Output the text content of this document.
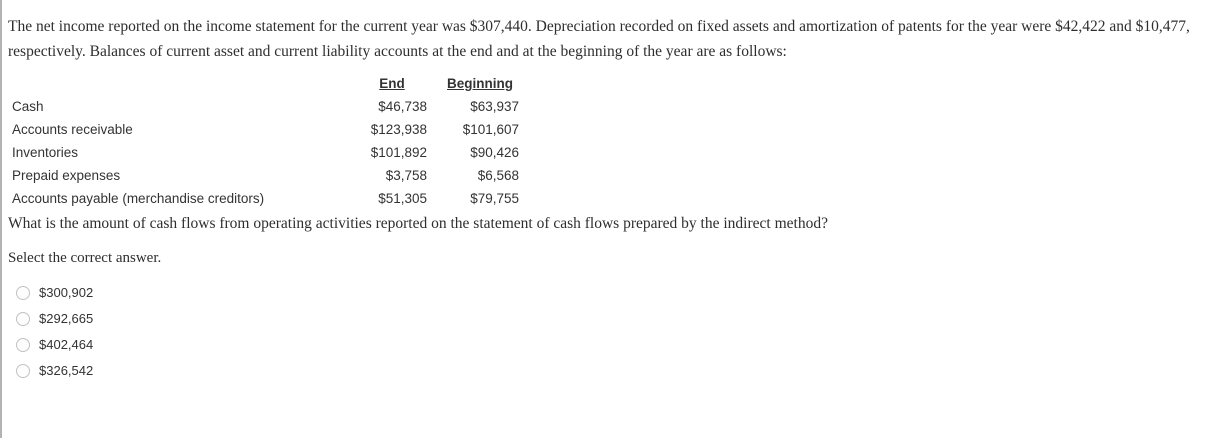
The net income reported on the income statement for the current year was $307,440. Depreciation recorded on fixed assets and amortization of patents for the year were $42,422 and $10,477, respectively. Balances of current asset and current liability accounts at the end and at the beginning of the year are as follows:

	End	Beginning
Cash	$46,738	$63,937
Accounts receivable	$123,938	$101,607
Inventories	$101,892	$90,426
Prepaid expenses	$3,758	$6,568
Accounts payable (merchandise creditors)	$51,305	$79,755

What is the amount of cash flows from operating activities reported on the statement of cash flows prepared by the indirect method?

Select the correct answer.

$300,902
$292,665
$402,464
$326,542
